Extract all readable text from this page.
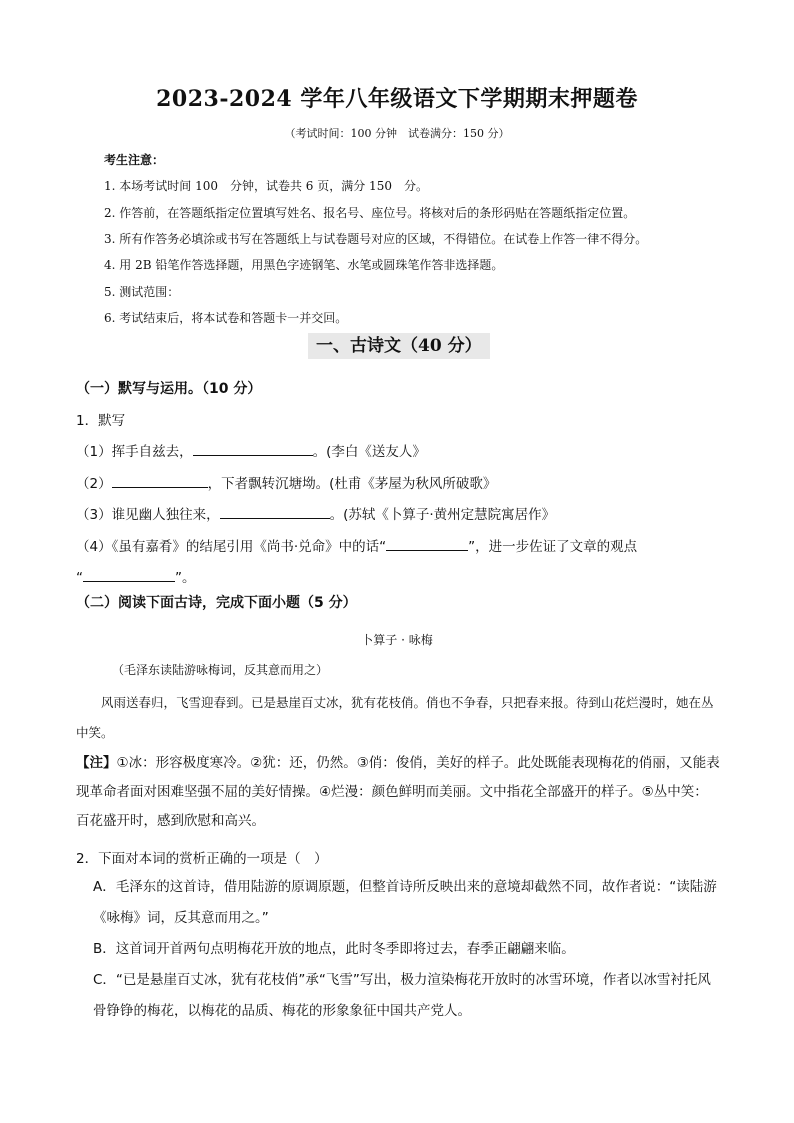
2023-2024 学年八年级语文下学期期末押题卷
（考试时间：100 分钟　试卷满分：150 分）
考生注意：
1. 本场考试时间 100　分钟，试卷共 6 页，满分 150　分。
2. 作答前，在答题纸指定位置填写姓名、报名号、座位号。将核对后的条形码贴在答题纸指定位置。
3. 所有作答务必填涂或书写在答题纸上与试卷题号对应的区域，不得错位。在试卷上作答一律不得分。
4. 用 2B 铅笔作答选择题，用黑色字迹钢笔、水笔或圆珠笔作答非选择题。
5. 测试范围：
6. 考试结束后，将本试卷和答题卡一并交回。
一、古诗文（40 分）
（一）默写与运用。（10 分）
1．默写
（1）挥手自兹去，	。(李白《送友人》
（2）	，下者飘转沉塘坳。(杜甫《茅屋为秋风所破歌》
（3）谁见幽人独往来，	。(苏轼《卜算子·黄州定慧院寓居作》
（4）《虽有嘉肴》的结尾引用《尚书·兑命》中的话“	”，进一步佐证了文章的观点
“	”。
（二）阅读下面古诗，完成下面小题（5 分）
卜算子 · 咏梅
（毛泽东读陆游咏梅词，反其意而用之）
风雨送春归，飞雪迎春到。已是悬崖百丈冰，犹有花枝俏。俏也不争春，只把春来报。待到山花烂漫时，她在丛中笑。
【注】①冰：形容极度寒冷。②犹：还，仍然。③俏：俊俏，美好的样子。此处既能表现梅花的俏丽，又能表现革命者面对困难坚强不屈的美好情操。④烂漫：颜色鲜明而美丽。文中指花全部盛开的样子。⑤丛中笑：百花盛开时，感到欣慰和高兴。
2．下面对本词的赏析正确的一项是（　）
A．毛泽东的这首诗，借用陆游的原调原题，但整首诗所反映出来的意境却截然不同，故作者说：“读陆游《咏梅》词，反其意而用之。”
B．这首词开首两句点明梅花开放的地点，此时冬季即将过去，春季正翩翩来临。
C．“已是悬崖百丈冰，犹有花枝俏”承“飞雪”写出，极力渲染梅花开放时的冰雪环境，作者以冰雪衬托风骨铮铮的梅花，以梅花的品质、梅花的形象象征中国共产党人。
